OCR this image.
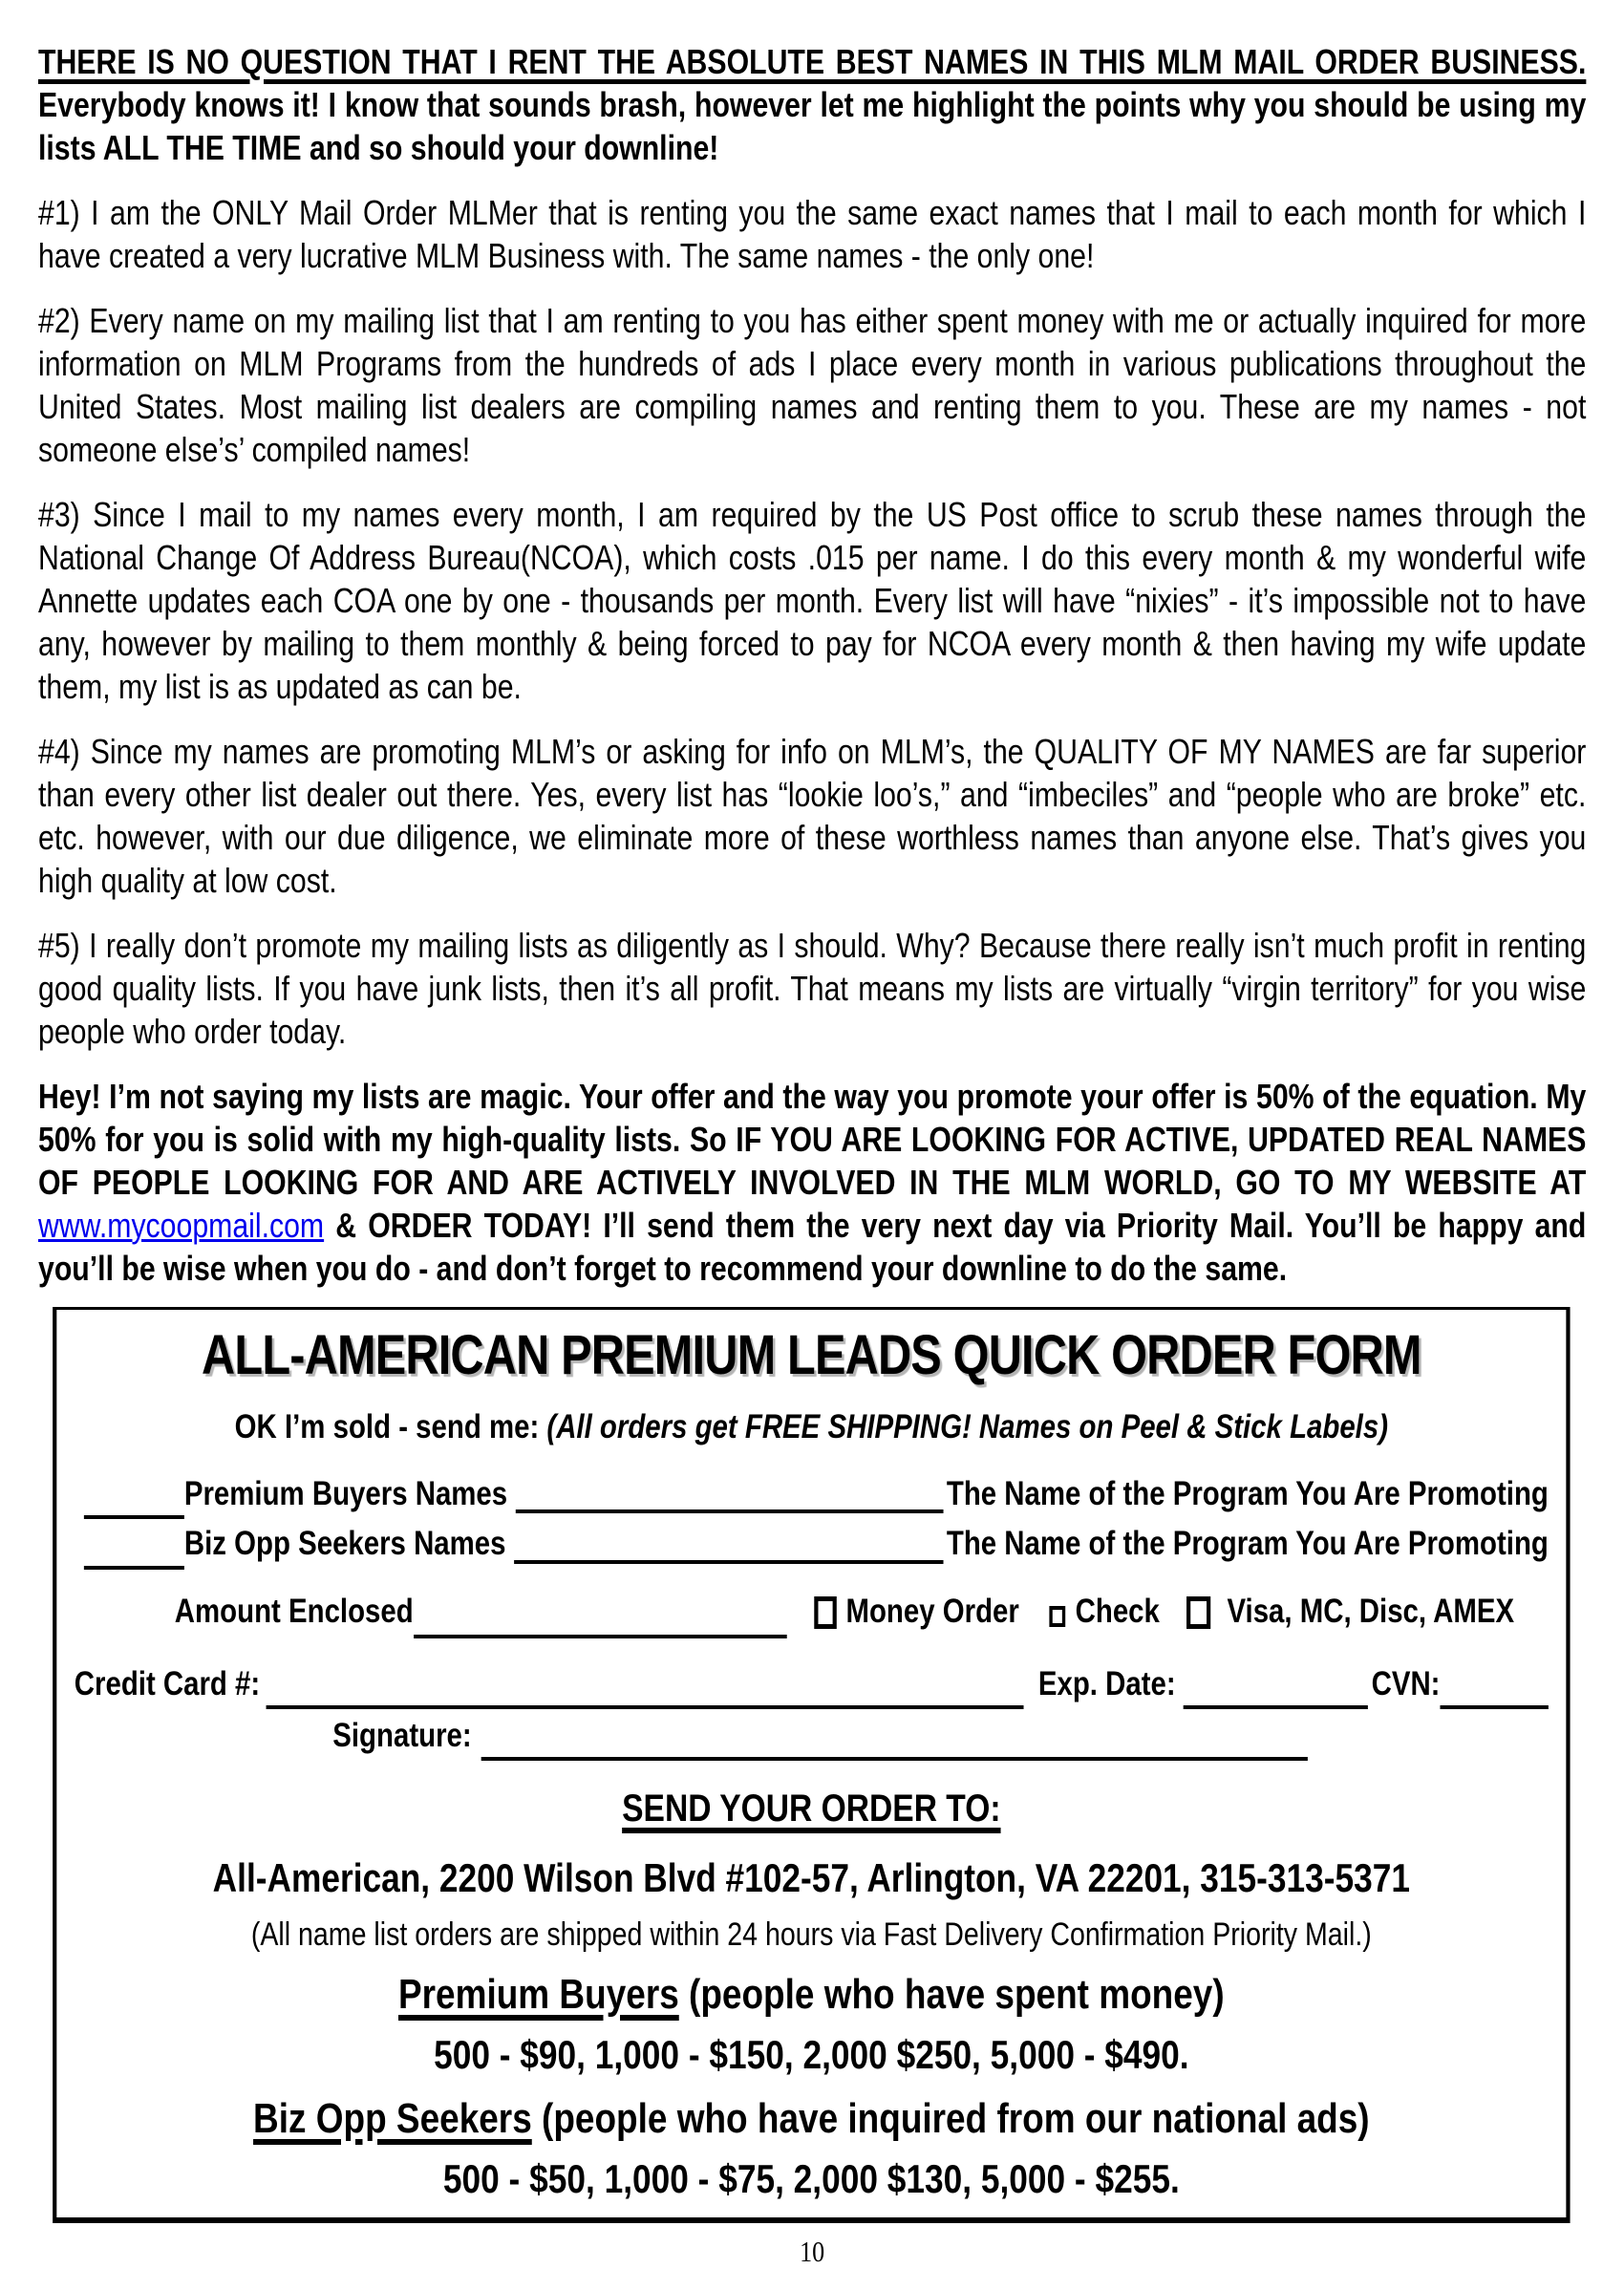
THERE IS NO QUESTION THAT I RENT THE ABSOLUTE BEST NAMES IN THIS MLM MAIL ORDER BUSINESS. Everybody knows it! I know that sounds brash, however let me highlight the points why you should be using my lists ALL THE TIME and so should your downline!

#1) I am the ONLY Mail Order MLMer that is renting you the same exact names that I mail to each month for which I have created a very lucrative MLM Business with. The same names - the only one!

#2) Every name on my mailing list that I am renting to you has either spent money with me or actually inquired for more information on MLM Programs from the hundreds of ads I place every month in various publications throughout the United States. Most mailing list dealers are compiling names and renting them to you. These are my names - not someone else’s’ compiled names!

#3) Since I mail to my names every month, I am required by the US Post office to scrub these names through the National Change Of Address Bureau(NCOA), which costs .015 per name. I do this every month & my wonderful wife Annette updates each COA one by one - thousands per month. Every list will have “nixies” - it’s impossible not to have any, however by mailing to them monthly & being forced to pay for NCOA every month & then having my wife update them, my list is as updated as can be.

#4) Since my names are promoting MLM’s or asking for info on MLM’s, the QUALITY OF MY NAMES are far superior than every other list dealer out there. Yes, every list has “lookie loo’s,” and “imbeciles” and “people who are broke” etc. etc. however, with our due diligence, we eliminate more of these worthless names than anyone else. That’s gives you high quality at low cost.

#5) I really don’t promote my mailing lists as diligently as I should. Why? Because there really isn’t much profit in renting good quality lists. If you have junk lists, then it’s all profit. That means my lists are virtually “virgin territory” for you wise people who order today.

Hey! I’m not saying my lists are magic. Your offer and the way you promote your offer is 50% of the equation. My 50% for you is solid with my high-quality lists. So IF YOU ARE LOOKING FOR ACTIVE, UPDATED REAL NAMES OF PEOPLE LOOKING FOR AND ARE ACTIVELY INVOLVED IN THE MLM WORLD, GO TO MY WEBSITE AT www.mycoopmail.com & ORDER TODAY! I’ll send them the very next day via Priority Mail. You’ll be happy and you’ll be wise when you do - and don’t forget to recommend your downline to do the same.

ALL-AMERICAN PREMIUM LEADS QUICK ORDER FORM
OK I’m sold - send me: (All orders get FREE SHIPPING! Names on Peel & Stick Labels)
Premium Buyers Names	The Name of the Program You Are Promoting
Biz Opp Seekers Names	The Name of the Program You Are Promoting
Amount Enclosed	Money Order Check Visa, MC, Disc, AMEX
Credit Card #:	Exp. Date:	CVN:
Signature:
SEND YOUR ORDER TO:
All-American, 2200 Wilson Blvd #102-57, Arlington, VA 22201, 315-313-5371
(All name list orders are shipped within 24 hours via Fast Delivery Confirmation Priority Mail.)
Premium Buyers (people who have spent money)
500 - $90, 1,000 - $150, 2,000 $250, 5,000 - $490.
Biz Opp Seekers (people who have inquired from our national ads)
500 - $50, 1,000 - $75, 2,000 $130, 5,000 - $255.
10
